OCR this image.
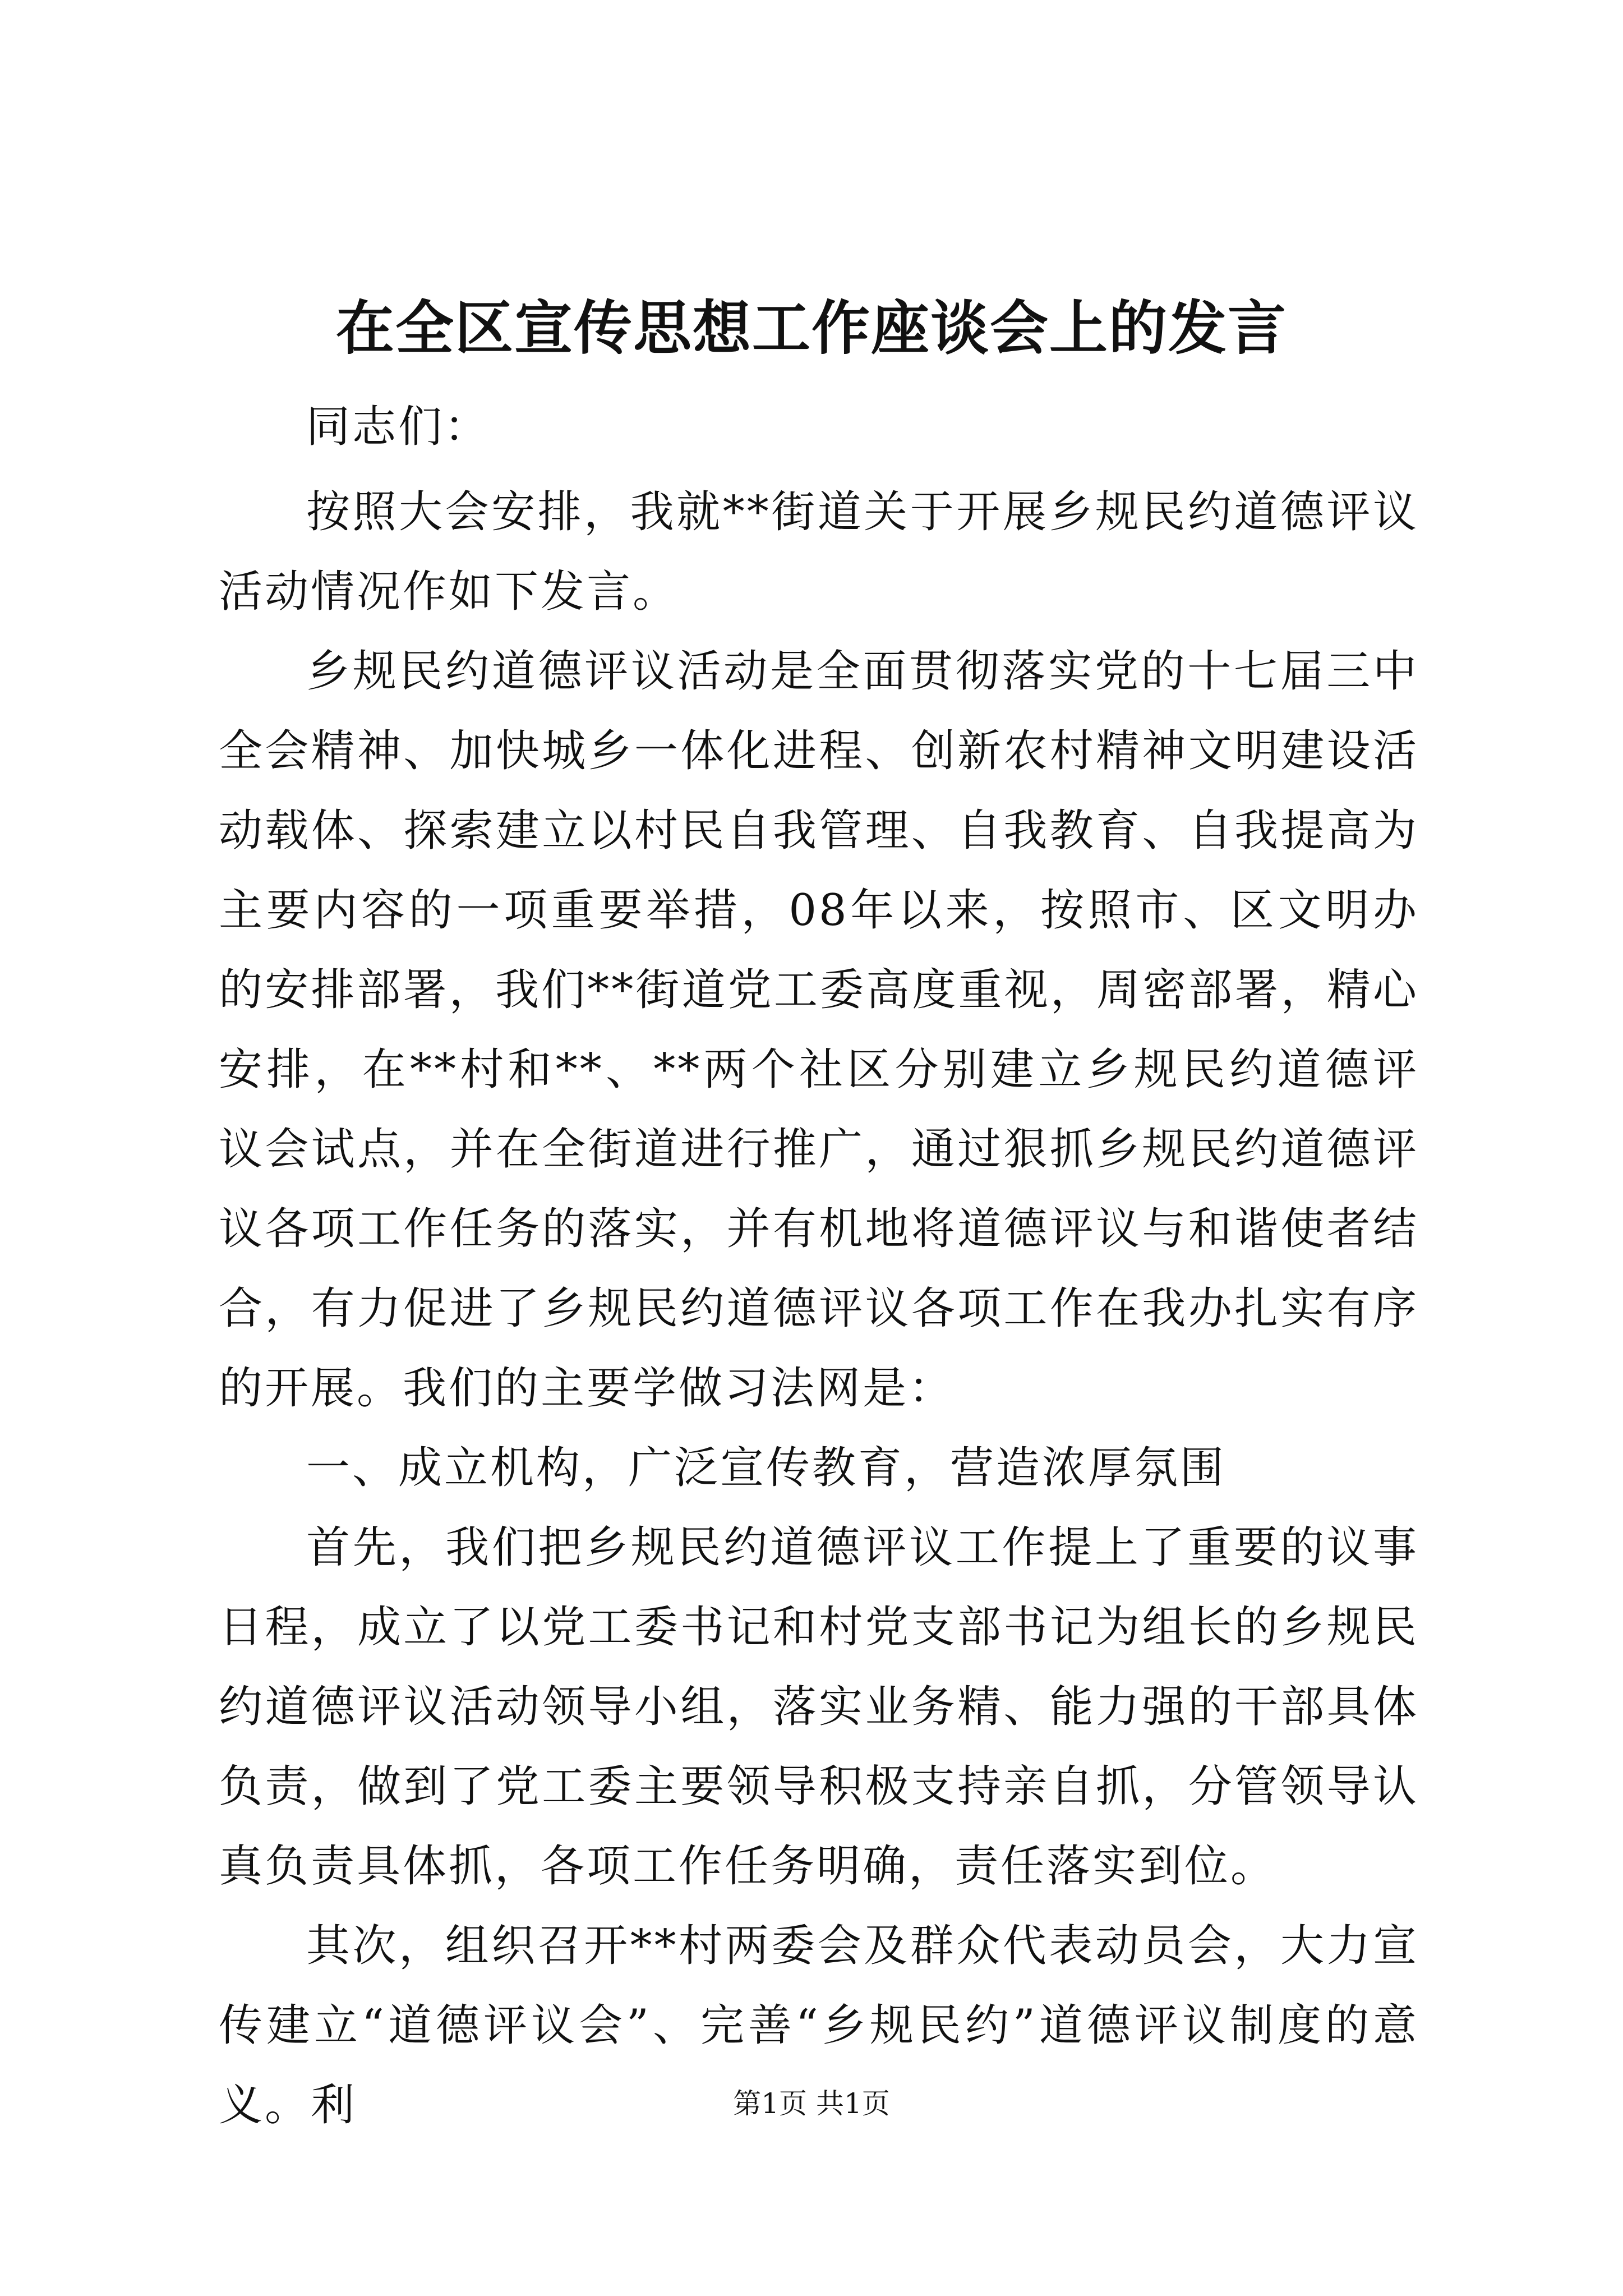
在全区宣传思想工作座谈会上的发言

同志们：

按照大会安排，我就**街道关于开展乡规民约道德评议活动情况作如下发言。

乡规民约道德评议活动是全面贯彻落实党的十七届三中全会精神、加快城乡一体化进程、创新农村精神文明建设活动载体、探索建立以村民自我管理、自我教育、自我提高为主要内容的一项重要举措，08年以来，按照市、区文明办的安排部署，我们**街道党工委高度重视，周密部署，精心安排，在**村和**、**两个社区分别建立乡规民约道德评议会试点，并在全街道进行推广，通过狠抓乡规民约道德评议各项工作任务的落实，并有机地将道德评议与和谐使者结合，有力促进了乡规民约道德评议各项工作在我办扎实有序的开展。我们的主要学做习法网是：

一、成立机构，广泛宣传教育，营造浓厚氛围

首先，我们把乡规民约道德评议工作提上了重要的议事日程，成立了以党工委书记和村党支部书记为组长的乡规民约道德评议活动领导小组，落实业务精、能力强的干部具体负责，做到了党工委主要领导积极支持亲自抓，分管领导认真负责具体抓，各项工作任务明确，责任落实到位。

其次，组织召开**村两委会及群众代表动员会，大力宣传建立“道德评议会”、完善“乡规民约”道德评议制度的意义。利	第1页 共1页
